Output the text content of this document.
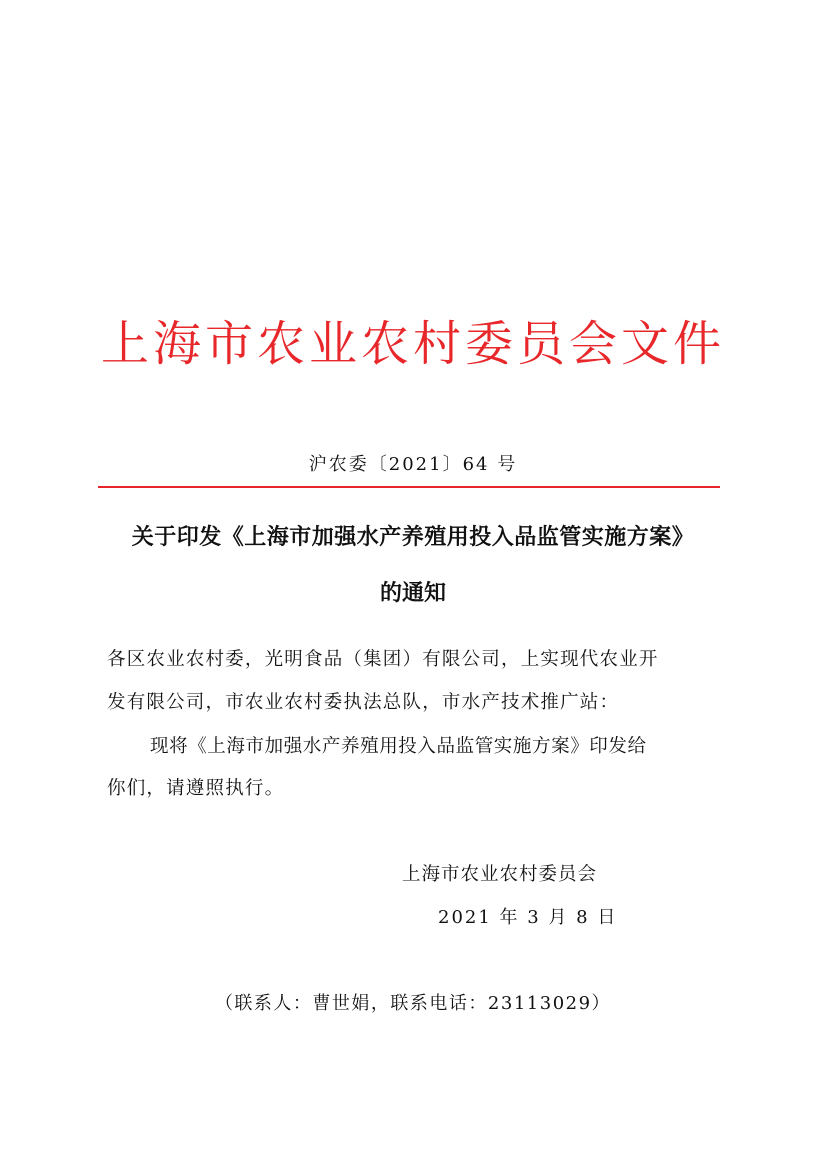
上海市农业农村委员会文件
沪农委〔2021〕64 号
关于印发《上海市加强水产养殖用投入品监管实施方案》
的通知
各区农业农村委，光明食品（集团）有限公司，上实现代农业开
发有限公司，市农业农村委执法总队，市水产技术推广站：
现将《上海市加强水产养殖用投入品监管实施方案》印发给
你们，请遵照执行。
上海市农业农村委员会
2021 年 3 月 8 日
（联系人：曹世娟，联系电话：23113029）
